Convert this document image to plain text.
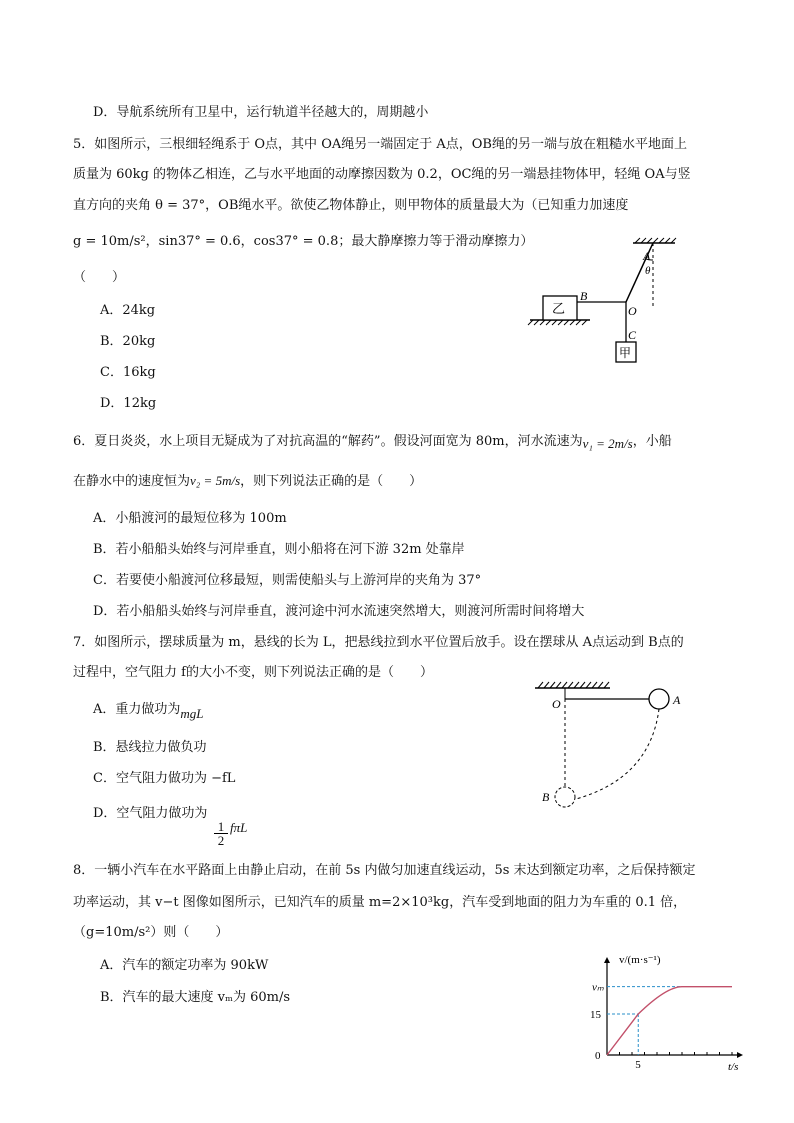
D．导航系统所有卫星中，运行轨道半径越大的，周期越小
5．如图所示，三根细轻绳系于 O点，其中 OA绳另一端固定于 A点，OB绳的另一端与放在粗糙水平地面上
质量为 60kg 的物体乙相连，乙与水平地面的动摩擦因数为 0.2，OC绳的另一端悬挂物体甲，轻绳 OA与竖
直方向的夹角 θ = 37°，OB绳水平。欲使乙物体静止，则甲物体的质量最大为（已知重力加速度
g = 10m/s²，sin37° = 0.6，cos37° = 0.8；最大静摩擦力等于滑动摩擦力）
（　　）
A．24kg
B．20kg
C．16kg
D．12kg
A
θ
B
O
C
乙
甲
6．夏日炎炎，水上项目无疑成为了对抗高温的“解药”。假设河面宽为 80m，河水流速为v₁ = 2m/s，小船
在静水中的速度恒为v₂ = 5m/s，则下列说法正确的是（　　）
A．小船渡河的最短位移为 100m
B．若小船船头始终与河岸垂直，则小船将在河下游 32m 处靠岸
C．若要使小船渡河位移最短，则需使船头与上游河岸的夹角为 37°
D．若小船船头始终与河岸垂直，渡河途中河水流速突然增大，则渡河所需时间将增大
7．如图所示，摆球质量为 m，悬线的长为 L，把悬线拉到水平位置后放手。设在摆球从 A点运动到 B点的
过程中，空气阻力 f的大小不变，则下列说法正确的是（　　）
A．重力做功为mgL
B．悬线拉力做负功
C．空气阻力做功为 −fL
D．空气阻力做功为
$\frac{1}{2}$ fπL
O	A
B
8．一辆小汽车在水平路面上由静止启动，在前 5s 内做匀加速直线运动，5s 末达到额定功率，之后保持额定
功率运动，其 v−t 图像如图所示，已知汽车的质量 m=2×10³kg，汽车受到地面的阻力为车重的 0.1 倍，
（g=10m/s²）则（　　）
A．汽车的额定功率为 90kW
B．汽车的最大速度 vₘ为 60m/s
5
15
vₘ
v/(m·s⁻¹)
t/s
0
